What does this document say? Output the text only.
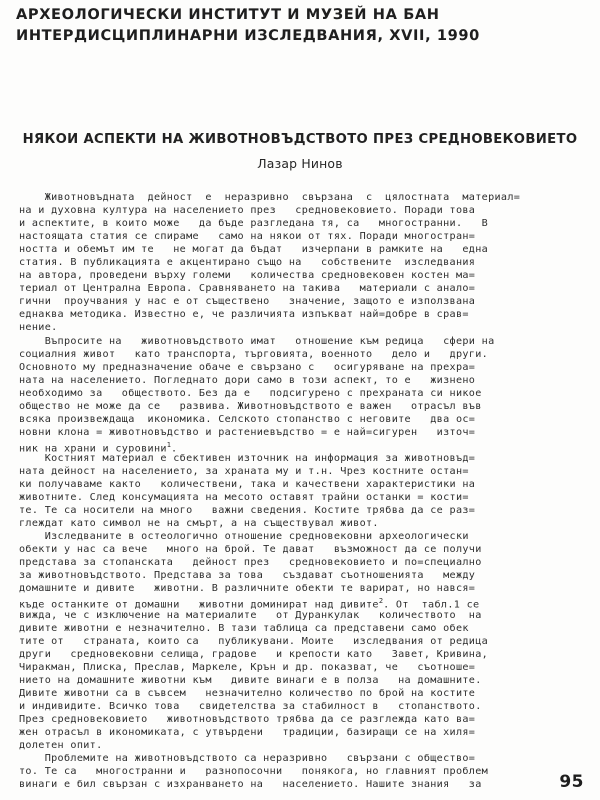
АРХЕОЛОГИЧЕСКИ ИНСТИТУТ И МУЗЕЙ НА БАН
ИНТЕРДИСЦИПЛИНАРНИ ИЗСЛЕДВАНИЯ, XVII, 1990
НЯКОИ АСПЕКТИ НА ЖИВОТНОВЪДСТВОТО ПРЕЗ СРЕДНОВЕКОВИЕТО
Лазар Нинов
Животновъдната  дейност  е  неразривно  свързана  с  цялостната  материал=
на и духовна култура на населението през   средновековието. Поради това
и аспектите, в които може   да бъде разгледана тя, са   многостранни.   В
настоящата статия се спираме   само на някои от тях. Поради многостран=
ността и обемът им те   не могат да бъдат   изчерпани в рамките на   една
статия. В публикацията е акцентирано също на   собствените  изследвания
на автора, проведени върху големи   количества средновековен костен ма=
териал от Централна Европа. Сравняването на такива   материали с анало=
гични  проучвания у нас е от съществено   значение, защото е използвана
еднаква методика. Известно е, че различията изпъкват най=добре в срав=
нение.
Въпросите на   животновъдството имат   отношение към редица   сфери на
социалния живот   като транспорта, търговията, военното   дело и   други.
Основното му предназначение обаче е свързано с   осигуряване на прехра=
ната на населението. Погледнато дори само в този аспект, то е   жизнено
необходимо за   обществото. Без да е   подсигурено с прехраната си никое
общество не може да се   развива. Животновъдството е важен   отрасъл във
всяка произвеждаща  икономика. Селското стопанство с неговите   два ос=
новни клона = животновъдство и растениевъдство = е най=сигурен   източ=
ник на храни и суровини$^1$.
Костният материал е сбективен източник на информация за животновъд=
ната дейност на населението, за храната му и т.н. Чрез костните остан=
ки получаваме както   количествени, така и качествени характеристики на
животните. След консумацията на месото оставят трайни останки = кости=
те. Те са носители на много   важни сведения. Костите трябва да се раз=
глеждат като символ не на смърт, а на съществувал живот.
Изследваните в остеологично отношение средновековни археологически
обекти у нас са вече   много на брой. Те дават   възможност да се получи
представа за стопанската   дейност през   средновековието и по=специално
за животновъдството. Представа за това   създават съотношенията   между
домашните и дивите   животни. В различните обекти те варират, но нався=
къде останките от домашни   животни доминират над дивите$^2$. От  табл.1 се
вижда, че с изключение на материалите   от Дуранкулак   количеството  на
дивите животни е незначително. В тази таблица са представени само обек
тите от   страната, които са   публикувани. Моите   изследвания от редица
други   средновековни селища, градове   и крепости като   Завет, Кривина,
Чиракман, Плиска, Преслав, Маркеле, Крън и др. показват, че   съотноше=
нието на домашните животни към   дивите винаги е в полза   на домашните.
Дивите животни са в съвсем   незначително количество по брой на костите
и индивидите. Всичко това   свидетелства за стабилност в   стопанството.
През средновековието   животновъдството трябва да се разглежда като ва=
жен отрасъл в икономиката, с утвърдени   традиции, базиращи се на хиля=
долетен опит.
Проблемите на животновъдството са неразривно   свързани с общество=
то. Те са   многостранни и   разнопосочни   понякога, но главният проблем
винаги е бил свързан с изхранването на   населението. Нашите знания   за	95
